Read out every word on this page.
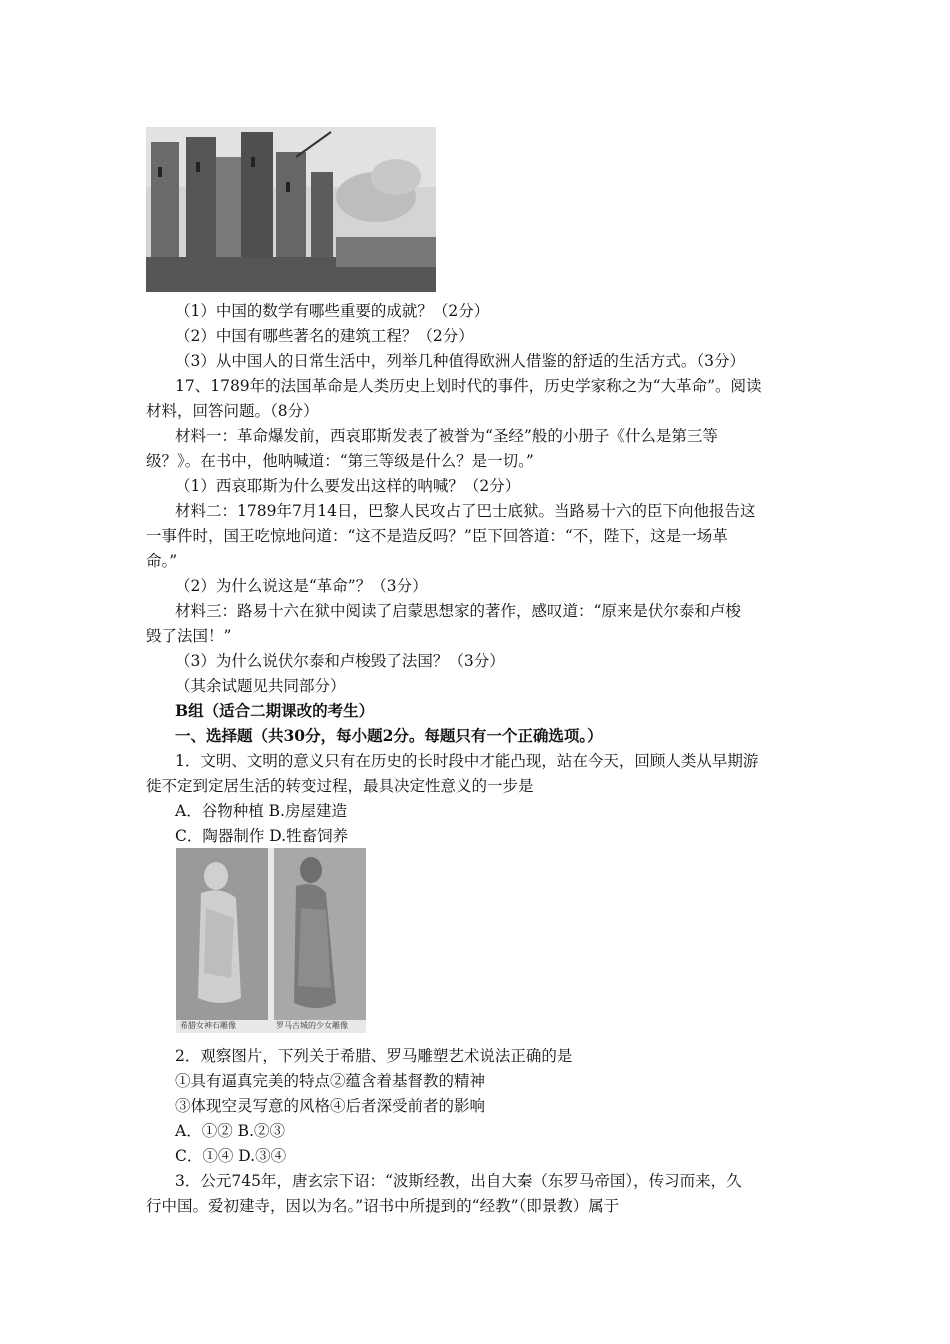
（1）中国的数学有哪些重要的成就？（2分）
（2）中国有哪些著名的建筑工程？（2分）
（3）从中国人的日常生活中，列举几种值得欧洲人借鉴的舒适的生活方式。（3分）
17、1789年的法国革命是人类历史上划时代的事件，历史学家称之为“大革命”。阅读
材料，回答问题。（8分）
材料一：革命爆发前，西哀耶斯发表了被誉为“圣经”般的小册子《什么是第三等
级？》。在书中，他呐喊道：“第三等级是什么？是一切。”
（1）西哀耶斯为什么要发出这样的呐喊？（2分）
材料二：1789年7月14日，巴黎人民攻占了巴士底狱。当路易十六的臣下向他报告这
一事件时，国王吃惊地问道：“这不是造反吗？”臣下回答道：“不，陛下，这是一场革
命。”
（2）为什么说这是“革命”？（3分）
材料三：路易十六在狱中阅读了启蒙思想家的著作，感叹道：“原来是伏尔泰和卢梭
毁了法国！”
（3）为什么说伏尔泰和卢梭毁了法国？（3分）
（其余试题见共同部分）
B组（适合二期课改的考生）
一、选择题（共30分，每小题2分。每题只有一个正确选项。）
1．文明、文明的意义只有在历史的长时段中才能凸现，站在今天，回顾人类从早期游
徙不定到定居生活的转变过程，最具决定性意义的一步是
A．谷物种植 B.房屋建造
C．陶器制作 D.牲畜饲养
希腊女神石雕像	罗马古城的少女雕像
2．观察图片，下列关于希腊、罗马雕塑艺术说法正确的是
①具有逼真完美的特点②蕴含着基督教的精神
③体现空灵写意的风格④后者深受前者的影响
A．①② B.②③
C．①④ D.③④
3．公元745年，唐玄宗下诏：“波斯经教，出自大秦（东罗马帝国），传习而来，久
行中国。爱初建寺，因以为名。”诏书中所提到的“经教”（即景教）属于
